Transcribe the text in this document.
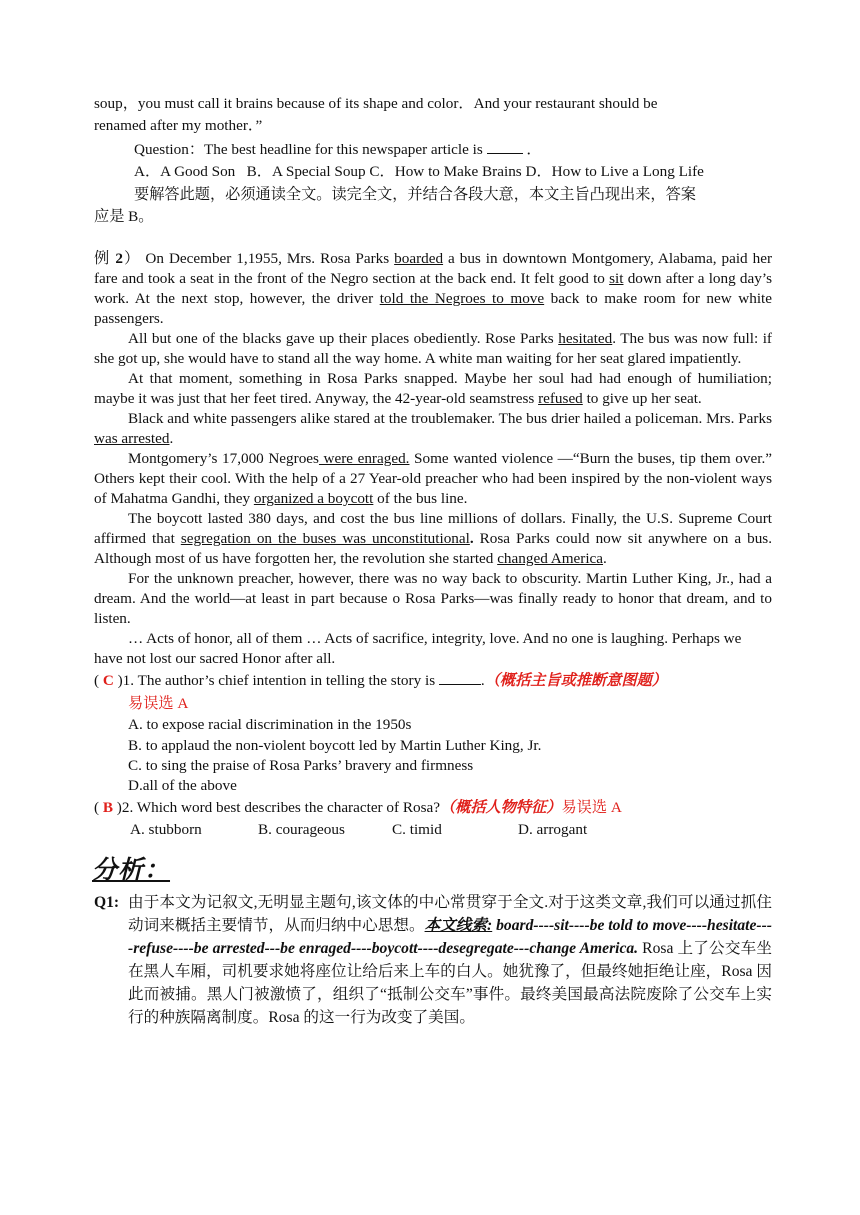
soup，you must call it brains because of its shape and color．And your restaurant should be

renamed after my mother．”

Question：The best headline for this newspaper article is	．

A．A Good Son   B．A Special Soup C．How to Make Brains D．How to Live a Long Life

要解答此题，必须通读全文。读完全文，并结合各段大意，本文主旨凸现出来，答案

应是 B。

例 2） On December 1,1955, Mrs. Rosa Parks boarded a bus in downtown Montgomery, Alabama, paid her fare and took a seat in the front of the Negro section at the back end. It felt good to sit down after a long day’s work. At the next stop, however, the driver told the Negroes to move back to make room for new white passengers.

All but one of the blacks gave up their places obediently. Rose Parks hesitated. The bus was now full: if she got up, she would have to stand all the way home. A white man waiting for her seat glared impatiently.

At that moment, something in Rosa Parks snapped. Maybe her soul had had enough of humiliation; maybe it was just that her feet tired. Anyway, the 42-year-old seamstress refused to give up her seat.

Black and white passengers alike stared at the troublemaker. The bus drier hailed a policeman. Mrs. Parks was arrested.

Montgomery’s 17,000 Negroes were enraged. Some wanted violence —“Burn the buses, tip them over.” Others kept their cool. With the help of a 27 Year-old preacher who had been inspired by the non-violent ways of Mahatma Gandhi, they organized a boycott of the bus line.

The boycott lasted 380 days, and cost the bus line millions of dollars. Finally, the U.S. Supreme Court affirmed that segregation on the buses was unconstitutional. Rosa Parks could now sit anywhere on a bus. Although most of us have forgotten her, the revolution she started changed America.

For the unknown preacher, however, there was no way back to obscurity. Martin Luther King, Jr., had a dream. And the world—at least in part because o Rosa Parks—was finally ready to honor that dream, and to listen.

… Acts of honor, all of them … Acts of sacrifice, integrity, love. And no one is laughing. Perhaps we have not lost our sacred Honor after all.

( C )1. The author’s chief intention in telling the story is	.（概括主旨或推断意图题）

易误选 A

A. to expose racial discrimination in the 1950s

B. to applaud the non-violent boycott led by Martin Luther King, Jr.

C. to sing the praise of Rosa Parks’ bravery and firmness

D.all of the above

( B )2. Which word best describes the character of Rosa?（概括人物特征）易误选 A

A. stubborn	B. courageous	C. timid	D. arrogant
分析：
Q1: 由于本文为记叙文,无明显主题句,该文体的中心常贯穿于全文.对于这类文章,我们可以通过抓住动词来概括主要情节，从而归纳中心思想。本文线索: board----sit----be told to move----hesitate----refuse----be arrested---be enraged----boycott----desegregate---change America. Rosa 上了公交车坐在黑人车厢，司机要求她将座位让给后来上车的白人。她犹豫了，但最终她拒绝让座，Rosa 因此而被捕。黑人门被激愤了，组织了“抵制公交车”事件。最终美国最高法院废除了公交车上实行的种族隔离制度。Rosa 的这一行为改变了美国。
